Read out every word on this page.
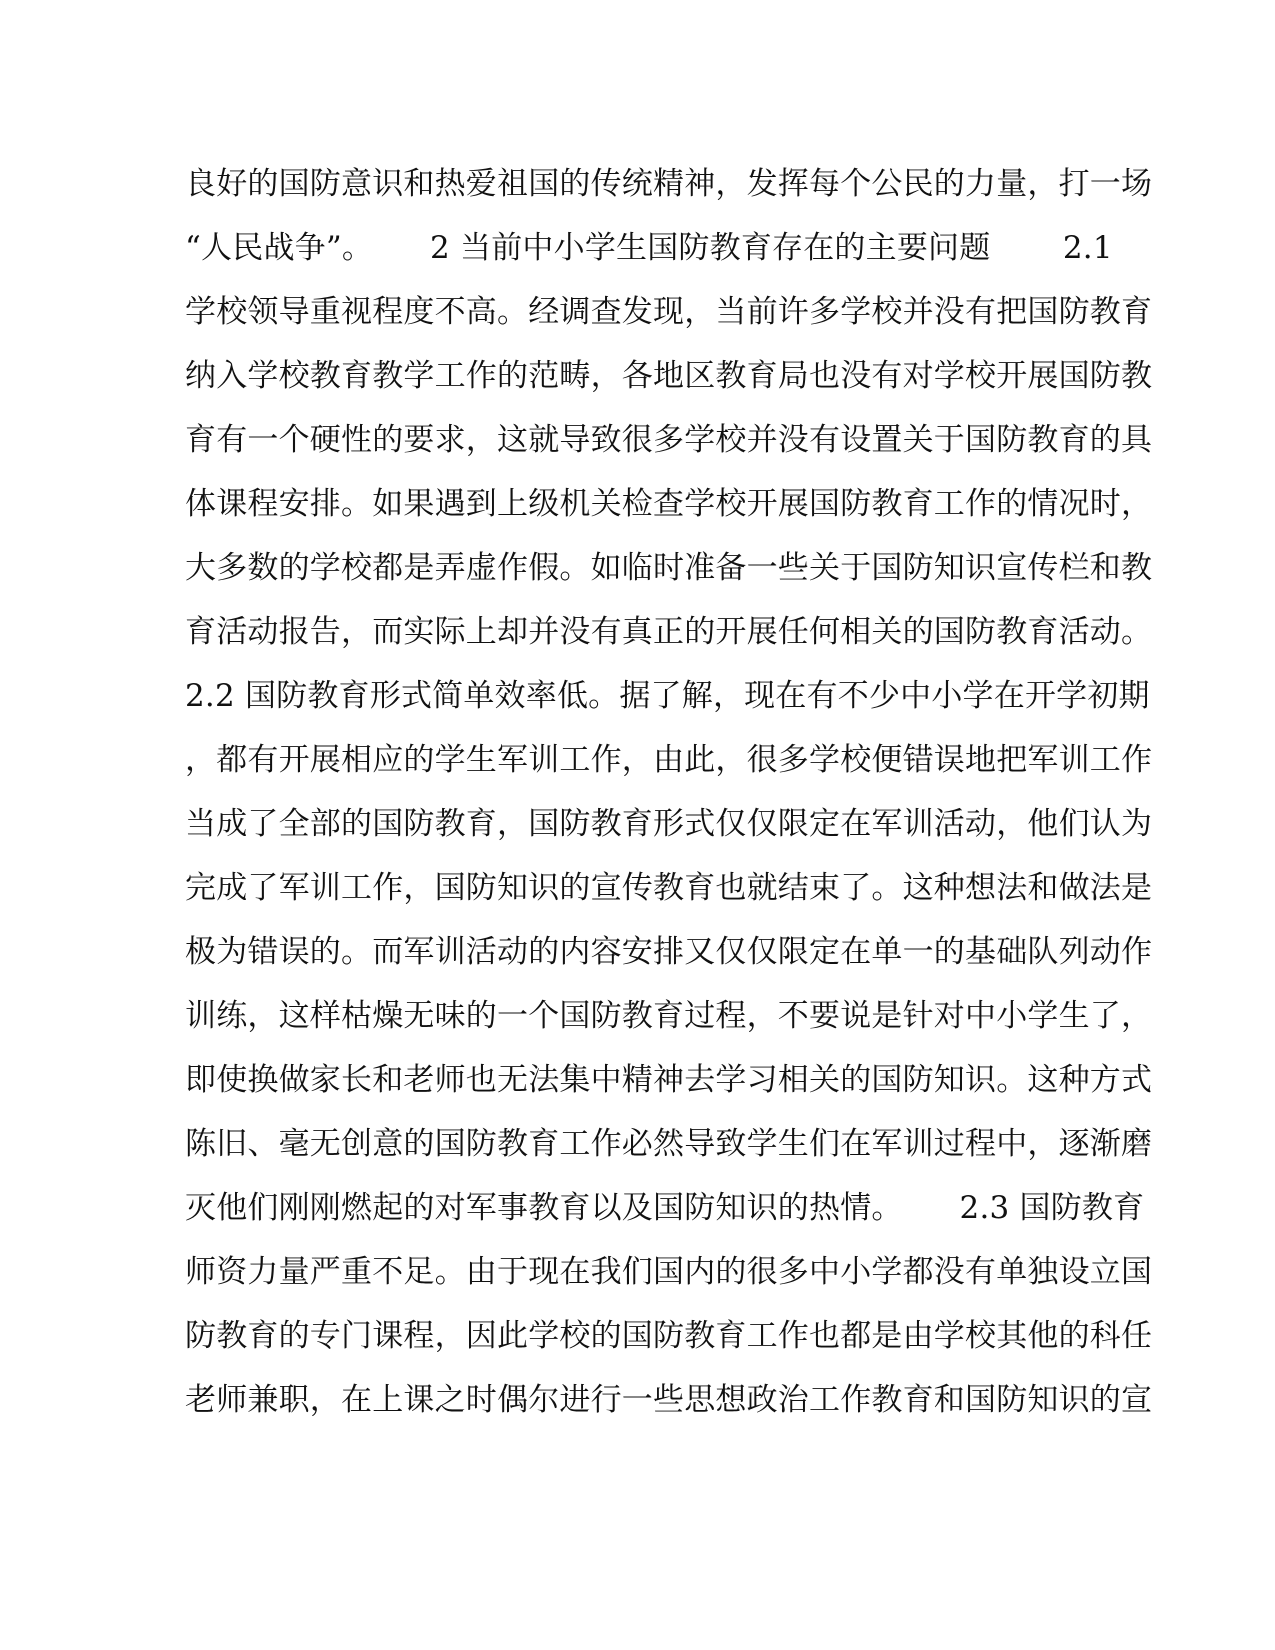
良好的国防意识和热爱祖国的传统精神，发挥每个公民的力量，打一场
“人民战争”。　　 2 当前中小学生国防教育存在的主要问题　　 2.1
学校领导重视程度不高。经调查发现，当前许多学校并没有把国防教育
纳入学校教育教学工作的范畴，各地区教育局也没有对学校开展国防教
育有一个硬性的要求，这就导致很多学校并没有设置关于国防教育的具
体课程安排。如果遇到上级机关检查学校开展国防教育工作的情况时，
大多数的学校都是弄虚作假。如临时准备一些关于国防知识宣传栏和教
育活动报告，而实际上却并没有真正的开展任何相关的国防教育活动。
2.2 国防教育形式简单效率低。据了解，现在有不少中小学在开学初期
，都有开展相应的学生军训工作，由此，很多学校便错误地把军训工作
当成了全部的国防教育，国防教育形式仅仅限定在军训活动，他们认为
完成了军训工作，国防知识的宣传教育也就结束了。这种想法和做法是
极为错误的。而军训活动的内容安排又仅仅限定在单一的基础队列动作
训练，这样枯燥无味的一个国防教育过程，不要说是针对中小学生了，
即使换做家长和老师也无法集中精神去学习相关的国防知识。这种方式
陈旧、毫无创意的国防教育工作必然导致学生们在军训过程中，逐渐磨
灭他们刚刚燃起的对军事教育以及国防知识的热情。　　 2.3 国防教育
师资力量严重不足。由于现在我们国内的很多中小学都没有单独设立国
防教育的专门课程，因此学校的国防教育工作也都是由学校其他的科任
老师兼职，在上课之时偶尔进行一些思想政治工作教育和国防知识的宣
